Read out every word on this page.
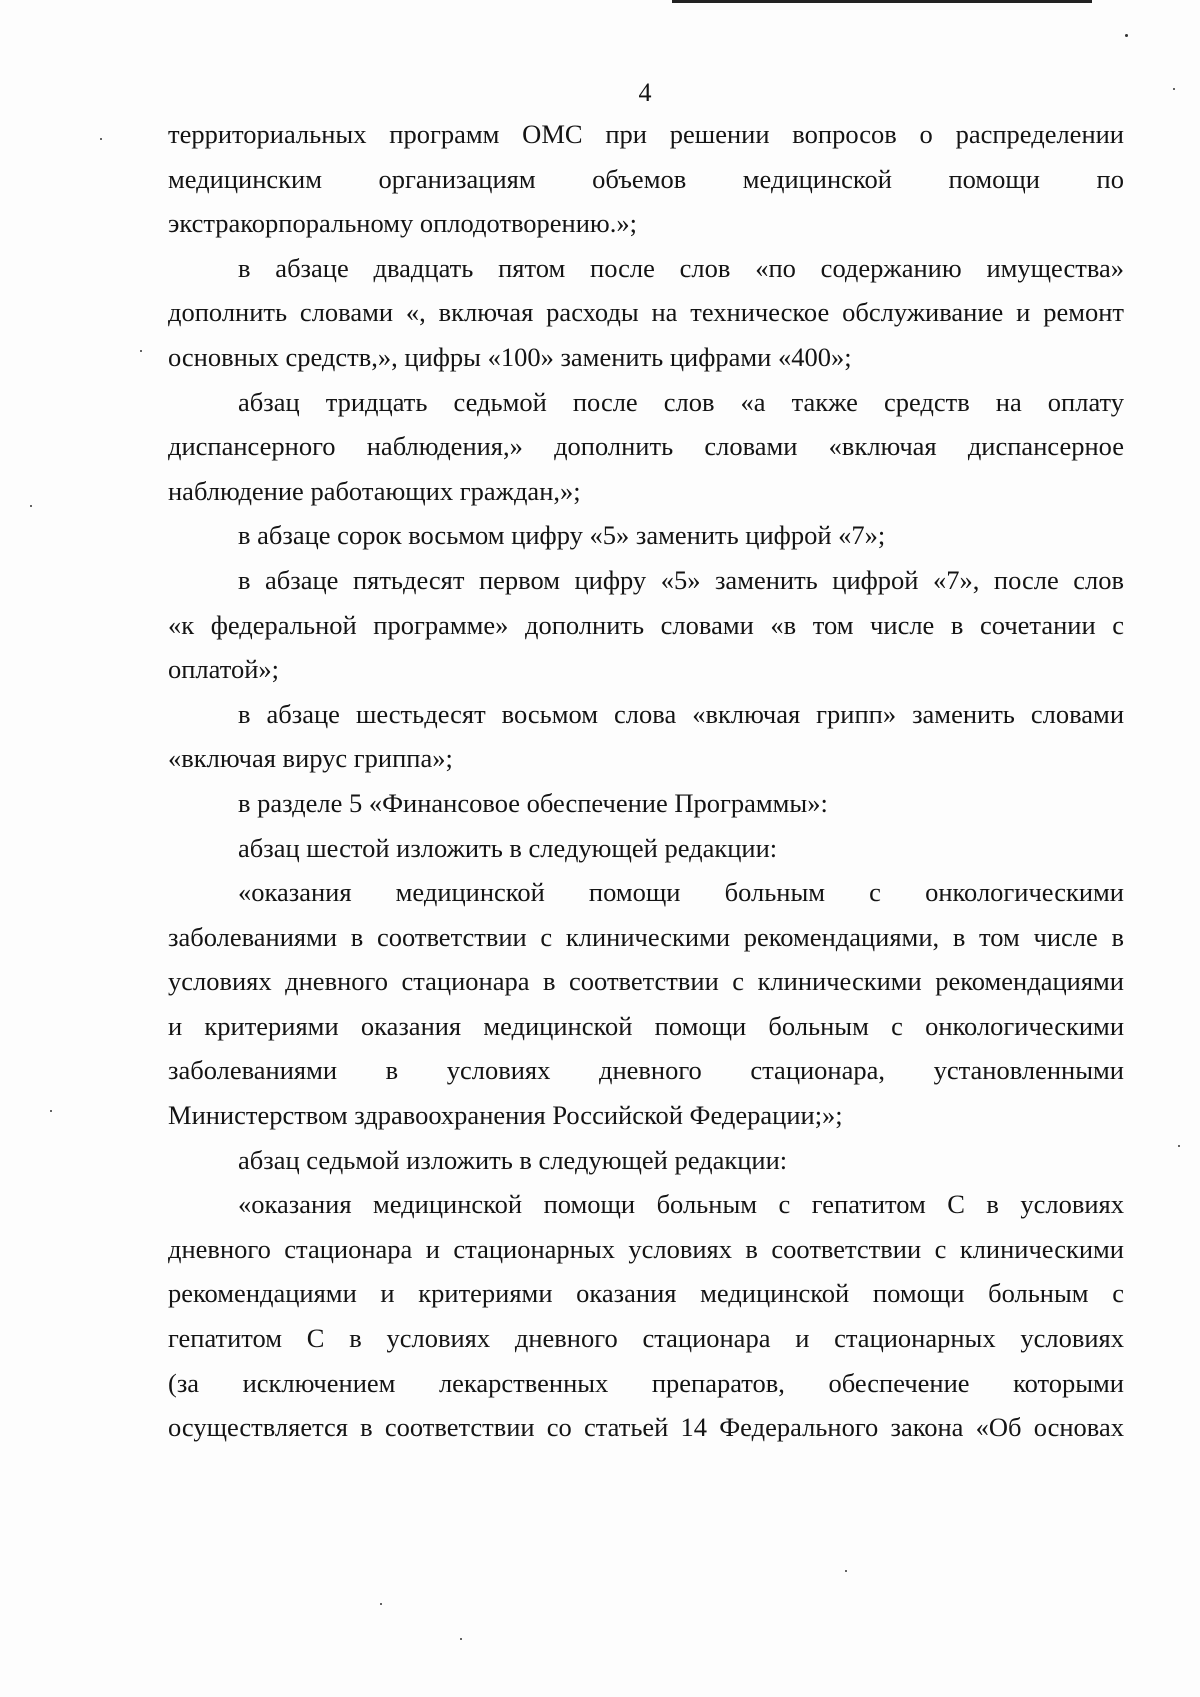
4
территориальных программ ОМС при решении вопросов о распределении
медицинским организациям объемов медицинской помощи по
экстракорпоральному оплодотворению.»;
в абзаце двадцать пятом после слов «по содержанию имущества»
дополнить словами «, включая расходы на техническое обслуживание и ремонт
основных средств,», цифры «100» заменить цифрами «400»;
абзац тридцать седьмой после слов «а также средств на оплату
диспансерного наблюдения,» дополнить словами «включая диспансерное
наблюдение работающих граждан,»;
в абзаце сорок восьмом цифру «5» заменить цифрой «7»;
в абзаце пятьдесят первом цифру «5» заменить цифрой «7», после слов
«к федеральной программе» дополнить словами «в том числе в сочетании с
оплатой»;
в абзаце шестьдесят восьмом слова «включая грипп» заменить словами
«включая вирус гриппа»;
в разделе 5 «Финансовое обеспечение Программы»:
абзац шестой изложить в следующей редакции:
«оказания медицинской помощи больным с онкологическими
заболеваниями в соответствии с клиническими рекомендациями, в том числе в
условиях дневного стационара в соответствии с клиническими рекомендациями
и критериями оказания медицинской помощи больным с онкологическими
заболеваниями в условиях дневного стационара, установленными
Министерством здравоохранения Российской Федерации;»;
абзац седьмой изложить в следующей редакции:
«оказания медицинской помощи больным с гепатитом С в условиях
дневного стационара и стационарных условиях в соответствии с клиническими
рекомендациями и критериями оказания медицинской помощи больным с
гепатитом С в условиях дневного стационара и стационарных условиях
(за исключением лекарственных препаратов, обеспечение которыми
осуществляется в соответствии со статьей 14 Федерального закона «Об основах
